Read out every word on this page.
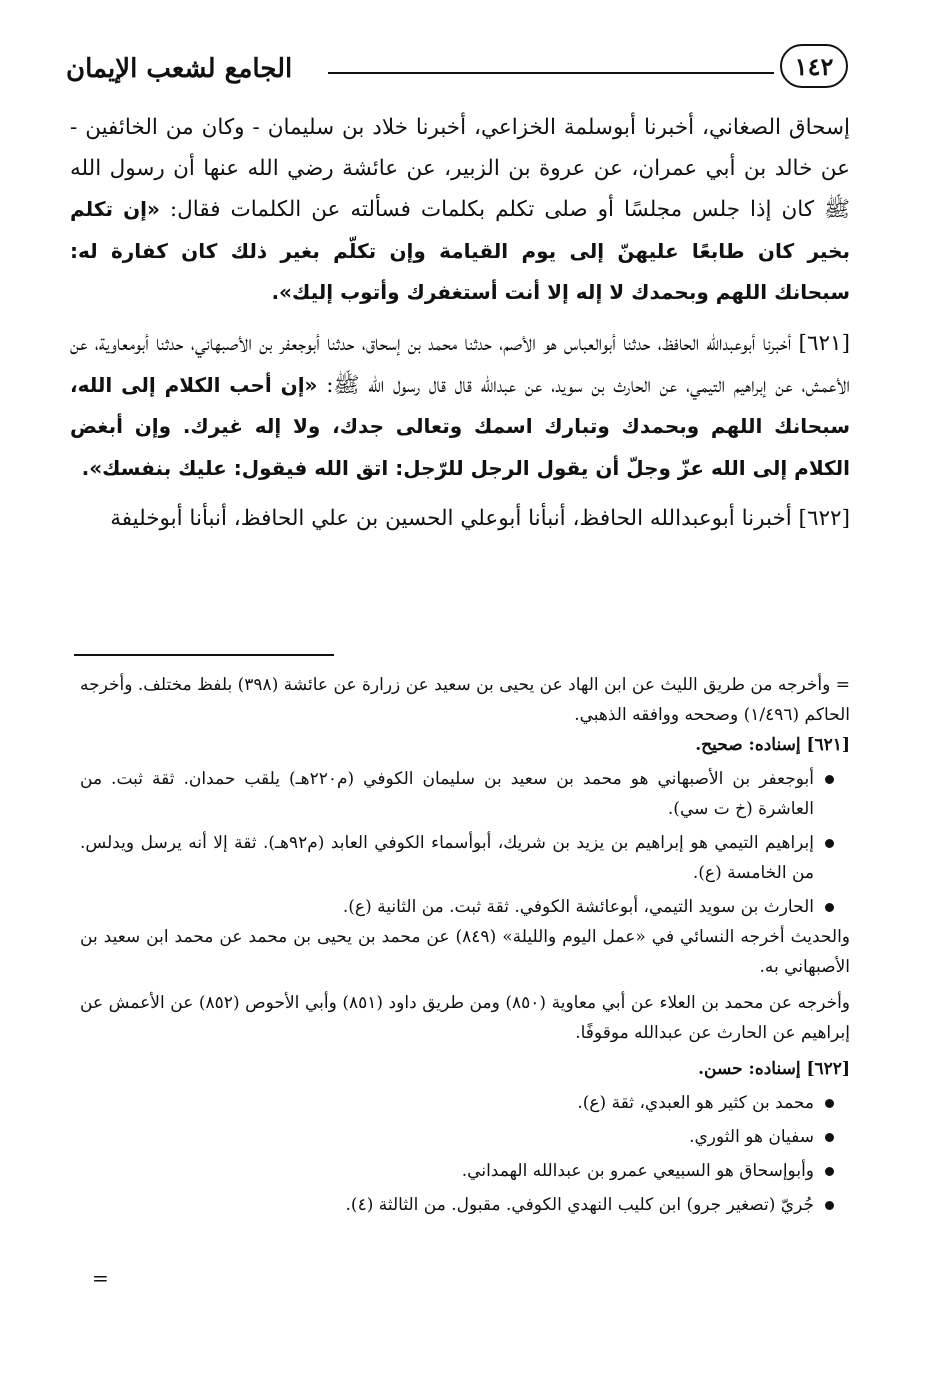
الجامع لشعب الإيمان	١٤٢

إسحاق الصغاني، أخبرنا أبوسلمة الخزاعي، أخبرنا خلاد بن سليمان - وكان من الخائفين - عن خالد بن أبي عمران، عن عروة بن الزبير، عن عائشة رضي الله عنها أن رسول الله ﷺ كان إذا جلس مجلسًا أو صلى تكلم بكلمات فسألته عن الكلمات فقال: «إن تكلم بخير كان طابعًا عليهنّ إلى يوم القيامة وإن تكلّم بغير ذلك كان كفارة له: سبحانك اللهم وبحمدك لا إله إلا أنت أستغفرك وأتوب إليك».

[٦٢١] أخبرنا أبوعبدالله الحافظ، حدثنا أبوالعباس هو الأصم، حدثنا محمد بن إسحاق، حدثنا أبوجعفر بن الأصبهاني، حدثنا أبومعاوية، عن الأعمش، عن إبراهيم التيمي، عن الحارث بن سويد، عن عبدالله قال قال رسول الله ﷺ: «إن أحب الكلام إلى الله، سبحانك اللهم وبحمدك وتبارك اسمك وتعالى جدك، ولا إله غيرك. وإن أبغض الكلام إلى الله عزّ وجلّ أن يقول الرجل للرّجل: اتق الله فيقول: عليك بنفسك».

[٦٢٢] أخبرنا أبوعبدالله الحافظ، أنبأنا أبوعلي الحسين بن علي الحافظ، أنبأنا أبوخليفة

= وأخرجه من طريق الليث عن ابن الهاد عن يحيى بن سعيد عن زرارة عن عائشة (٣٩٨) بلفظ مختلف. وأخرجه الحاكم (١/٤٩٦) وصححه ووافقه الذهبي.

[٦٢١] إسناده: صحيح.

أبوجعفر بن الأصبهاني هو محمد بن سعيد بن سليمان الكوفي (م٢٢٠هـ) يلقب حمدان. ثقة ثبت. من العاشرة (خ ت سي).
إبراهيم التيمي هو إبراهيم بن يزيد بن شريك، أبوأسماء الكوفي العابد (م٩٢هـ). ثقة إلا أنه يرسل ويدلس. من الخامسة (ع).
الحارث بن سويد التيمي، أبوعائشة الكوفي. ثقة ثبت. من الثانية (ع).

والحديث أخرجه النسائي في «عمل اليوم والليلة» (٨٤٩) عن محمد بن يحيى بن محمد عن محمد ابن سعيد بن الأصبهاني به.

وأخرجه عن محمد بن العلاء عن أبي معاوية (٨٥٠) ومن طريق داود (٨٥١) وأبي الأحوص (٨٥٢) عن الأعمش عن إبراهيم عن الحارث عن عبدالله موقوفًا.

[٦٢٢] إسناده: حسن.

محمد بن كثير هو العبدي، ثقة (ع).
سفيان هو الثوري.
وأبوإسحاق هو السبيعي عمرو بن عبدالله الهمداني.
جُريّ (تصغير جرو) ابن كليب النهدي الكوفي. مقبول. من الثالثة (٤).
=
